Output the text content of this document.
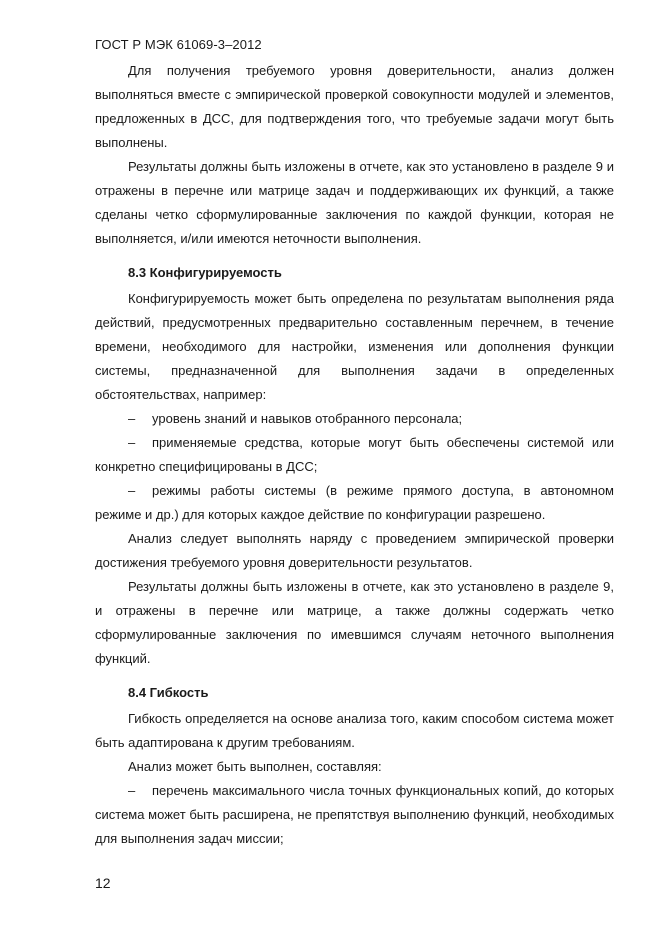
ГОСТ Р МЭК 61069-3–2012

Для получения требуемого уровня доверительности, анализ должен выполняться вместе с эмпирической проверкой совокупности модулей и элементов, предложенных в ДСС, для подтверждения того, что требуемые задачи могут быть выполнены.

Результаты должны быть изложены в отчете, как это установлено в разделе 9 и отражены в перечне или матрице задач и поддерживающих их функций, а также сделаны четко сформулированные заключения по каждой функции, которая не выполняется, и/или имеются неточности выполнения.

8.3 Конфигурируемость

Конфигурируемость может быть определена по результатам выполнения ряда действий, предусмотренных предварительно составленным перечнем, в течение времени, необходимого для настройки, изменения или дополнения функции системы, предназначенной для выполнения задачи в определенных обстоятельствах, например:

– уровень знаний и навыков отобранного персонала;

– применяемые средства, которые могут быть обеспечены системой или конкретно специфицированы в ДСС;

– режимы работы системы (в режиме прямого доступа, в автономном режиме и др.) для которых каждое действие по конфигурации разрешено.

Анализ следует выполнять наряду с проведением эмпирической проверки достижения требуемого уровня доверительности результатов.

Результаты должны быть изложены в отчете, как это установлено в разделе 9, и отражены в перечне или матрице, а также должны содержать четко сформулированные заключения по имевшимся случаям неточного выполнения функций.

8.4 Гибкость

Гибкость определяется на основе анализа того, каким способом система может быть адаптирована к другим требованиям.

Анализ может быть выполнен, составляя:

– перечень максимального числа точных функциональных копий, до которых система может быть расширена, не препятствуя выполнению функций, необходимых для выполнения задач миссии;

12
